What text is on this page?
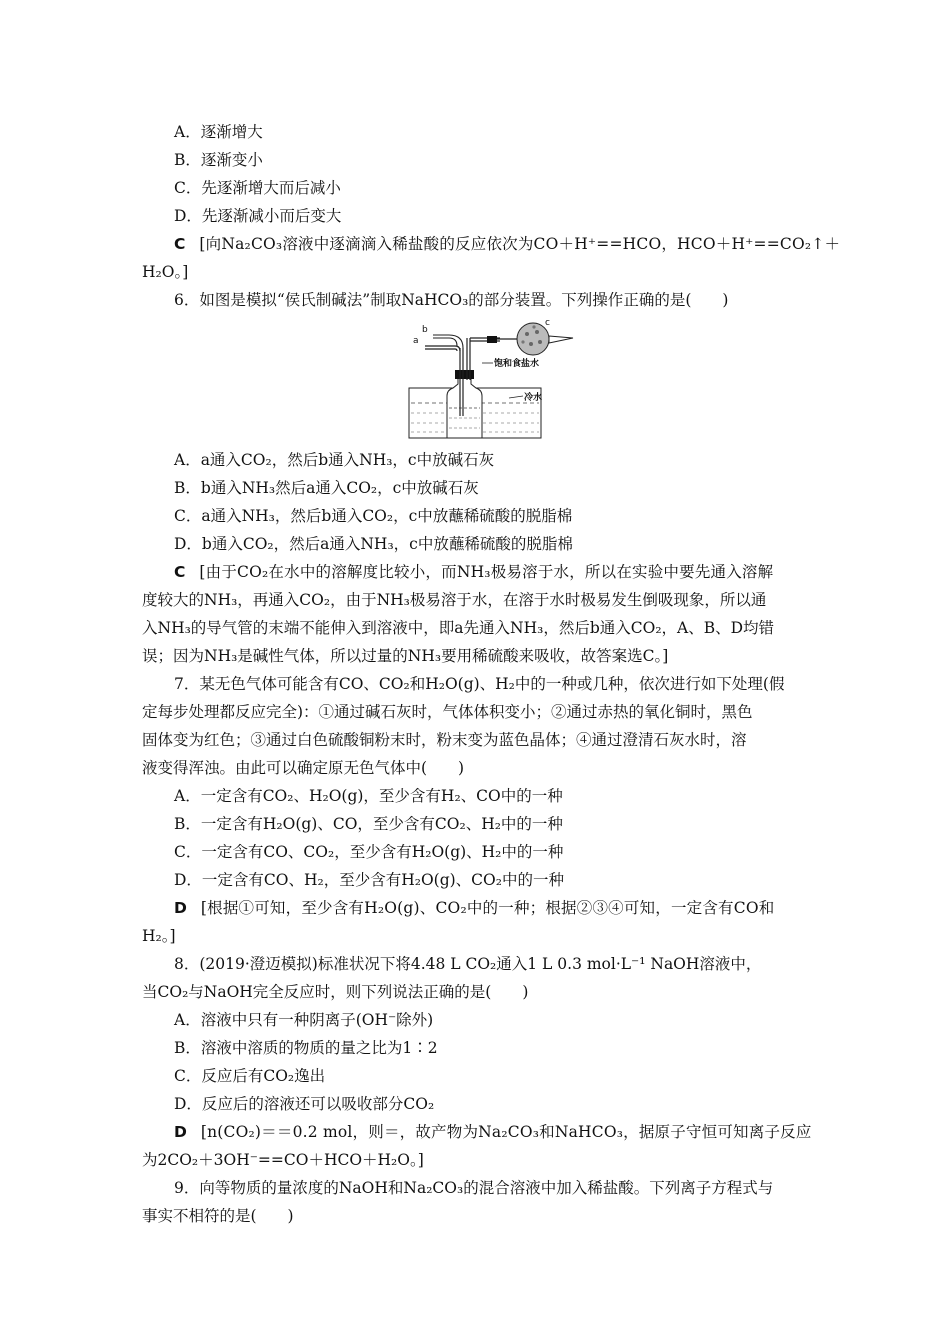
A．逐渐增大
B．逐渐变小
C．先逐渐增大而后减小
D．先逐渐减小而后变大
C [向Na₂CO₃溶液中逐滴滴入稀盐酸的反应依次为CO＋H⁺==HCO，HCO＋H⁺==CO₂↑＋
H₂O。]
6．如图是模拟“侯氏制碱法”制取NaHCO₃的部分装置。下列操作正确的是(　　)
a
b
c
饱和食盐水
冷水
A．a通入CO₂，然后b通入NH₃，c中放碱石灰
B．b通入NH₃然后a通入CO₂，c中放碱石灰
C．a通入NH₃，然后b通入CO₂，c中放蘸稀硫酸的脱脂棉
D．b通入CO₂，然后a通入NH₃，c中放蘸稀硫酸的脱脂棉
C [由于CO₂在水中的溶解度比较小，而NH₃极易溶于水，所以在实验中要先通入溶解
度较大的NH₃，再通入CO₂，由于NH₃极易溶于水，在溶于水时极易发生倒吸现象，所以通
入NH₃的导气管的末端不能伸入到溶液中，即a先通入NH₃，然后b通入CO₂，A、B、D均错
误；因为NH₃是碱性气体，所以过量的NH₃要用稀硫酸来吸收，故答案选C。]
7．某无色气体可能含有CO、CO₂和H₂O(g)、H₂中的一种或几种，依次进行如下处理(假
定每步处理都反应完全)：①通过碱石灰时，气体体积变小；②通过赤热的氧化铜时，黑色
固体变为红色；③通过白色硫酸铜粉末时，粉末变为蓝色晶体；④通过澄清石灰水时，溶
液变得浑浊。由此可以确定原无色气体中(　　)
A．一定含有CO₂、H₂O(g)，至少含有H₂、CO中的一种
B．一定含有H₂O(g)、CO，至少含有CO₂、H₂中的一种
C．一定含有CO、CO₂，至少含有H₂O(g)、H₂中的一种
D．一定含有CO、H₂，至少含有H₂O(g)、CO₂中的一种
D [根据①可知，至少含有H₂O(g)、CO₂中的一种；根据②③④可知，一定含有CO和
H₂。]
8．(2019·澄迈模拟)标准状况下将4.48 L CO₂通入1 L 0.3 mol·L⁻¹ NaOH溶液中，
当CO₂与NaOH完全反应时，则下列说法正确的是(　　)
A．溶液中只有一种阴离子(OH⁻除外)
B．溶液中溶质的物质的量之比为1∶2
C．反应后有CO₂逸出
D．反应后的溶液还可以吸收部分CO₂
D [n(CO₂)＝＝0.2 mol，则＝，故产物为Na₂CO₃和NaHCO₃，据原子守恒可知离子反应
为2CO₂＋3OH⁻==CO＋HCO＋H₂O。]
9．向等物质的量浓度的NaOH和Na₂CO₃的混合溶液中加入稀盐酸。下列离子方程式与
事实不相符的是(　　)
